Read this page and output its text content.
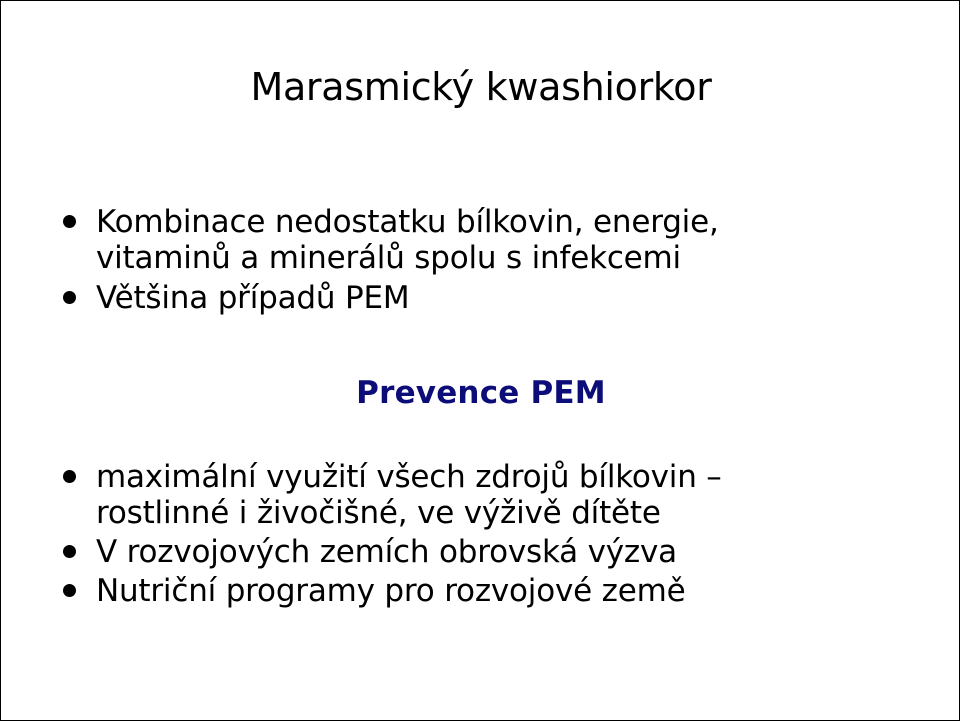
Marasmický kwashiorkor
Kombinace nedostatku bílkovin, energie,
vitaminů a minerálů spolu s infekcemi
Většina případů PEM
Prevence PEM
maximální využití všech zdrojů bílkovin –
rostlinné i živočišné, ve výživě dítěte
V rozvojových zemích obrovská výzva
Nutriční programy pro rozvojové země
